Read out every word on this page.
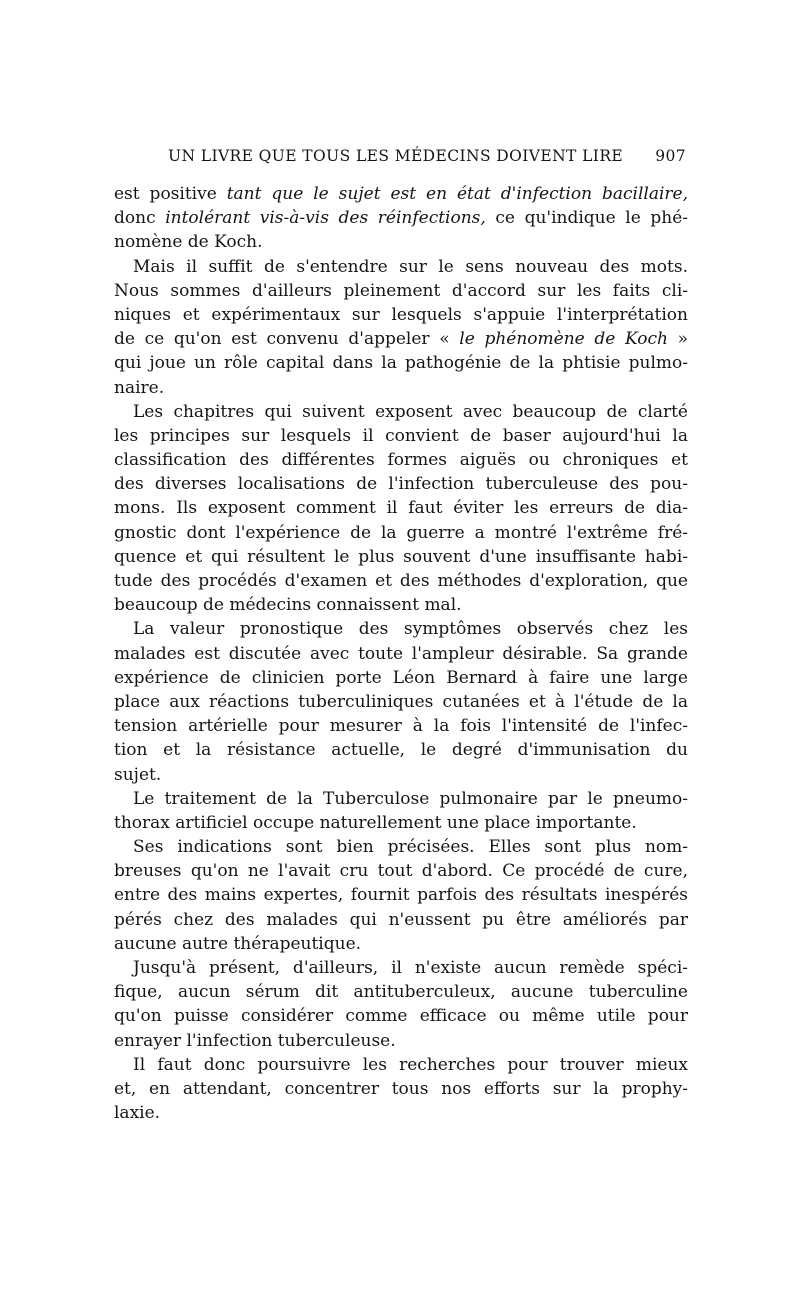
UN LIVRE QUE TOUS LES MÉDECINS DOIVENT LIRE 907
est positive tant que le sujet est en état d'infection bacillaire,
donc intolérant vis-à-vis des réinfections, ce qu'indique le phé-
nomène de Koch.
Mais il suffit de s'entendre sur le sens nouveau des mots.
Nous sommes d'ailleurs pleinement d'accord sur les faits cli-
niques et expérimentaux sur lesquels s'appuie l'interprétation
de ce qu'on est convenu d'appeler « le phénomène de Koch »
qui joue un rôle capital dans la pathogénie de la phtisie pulmo-
naire.
Les chapitres qui suivent exposent avec beaucoup de clarté
les principes sur lesquels il convient de baser aujourd'hui la
classification des différentes formes aiguës ou chroniques et
des diverses localisations de l'infection tuberculeuse des pou-
mons. Ils exposent comment il faut éviter les erreurs de dia-
gnostic dont l'expérience de la guerre a montré l'extrême fré-
quence et qui résultent le plus souvent d'une insuffisante habi-
tude des procédés d'examen et des méthodes d'exploration, que
beaucoup de médecins connaissent mal.
La valeur pronostique des symptômes observés chez les
malades est discutée avec toute l'ampleur désirable. Sa grande
expérience de clinicien porte Léon Bernard à faire une large
place aux réactions tuberculiniques cutanées et à l'étude de la
tension artérielle pour mesurer à la fois l'intensité de l'infec-
tion et la résistance actuelle, le degré d'immunisation du
sujet.
Le traitement de la Tuberculose pulmonaire par le pneumo-
thorax artificiel occupe naturellement une place importante.
Ses indications sont bien précisées. Elles sont plus nom-
breuses qu'on ne l'avait cru tout d'abord. Ce procédé de cure,
entre des mains expertes, fournit parfois des résultats inespérés
pérés chez des malades qui n'eussent pu être améliorés par
aucune autre thérapeutique.
Jusqu'à présent, d'ailleurs, il n'existe aucun remède spéci-
fique, aucun sérum dit antituberculeux, aucune tuberculine
qu'on puisse considérer comme efficace ou même utile pour
enrayer l'infection tuberculeuse.
Il faut donc poursuivre les recherches pour trouver mieux
et, en attendant, concentrer tous nos efforts sur la prophy-
laxie.
